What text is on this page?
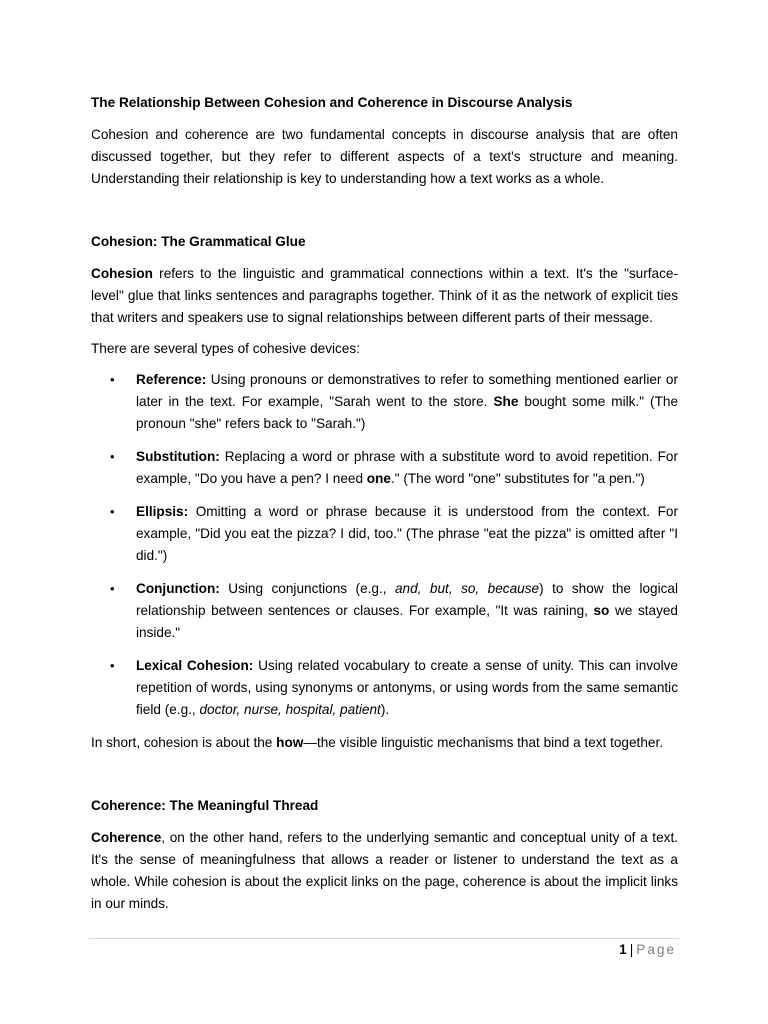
The Relationship Between Cohesion and Coherence in Discourse Analysis

Cohesion and coherence are two fundamental concepts in discourse analysis that are often discussed together, but they refer to different aspects of a text's structure and meaning. Understanding their relationship is key to understanding how a text works as a whole.

Cohesion: The Grammatical Glue

Cohesion refers to the linguistic and grammatical connections within a text. It's the "surface-level" glue that links sentences and paragraphs together. Think of it as the network of explicit ties that writers and speakers use to signal relationships between different parts of their message.

There are several types of cohesive devices:

• Reference: Using pronouns or demonstratives to refer to something mentioned earlier or later in the text. For example, "Sarah went to the store. She bought some milk." (The pronoun "she" refers back to "Sarah.")
• Substitution: Replacing a word or phrase with a substitute word to avoid repetition. For example, "Do you have a pen? I need one." (The word "one" substitutes for "a pen.")
• Ellipsis: Omitting a word or phrase because it is understood from the context. For example, "Did you eat the pizza? I did, too." (The phrase "eat the pizza" is omitted after "I did.")
• Conjunction: Using conjunctions (e.g., and, but, so, because) to show the logical relationship between sentences or clauses. For example, "It was raining, so we stayed inside."
• Lexical Cohesion: Using related vocabulary to create a sense of unity. This can involve repetition of words, using synonyms or antonyms, or using words from the same semantic field (e.g., doctor, nurse, hospital, patient).

In short, cohesion is about the how—the visible linguistic mechanisms that bind a text together.

Coherence: The Meaningful Thread

Coherence, on the other hand, refers to the underlying semantic and conceptual unity of a text. It's the sense of meaningfulness that allows a reader or listener to understand the text as a whole. While cohesion is about the explicit links on the page, coherence is about the implicit links in our minds.

1 | Page
